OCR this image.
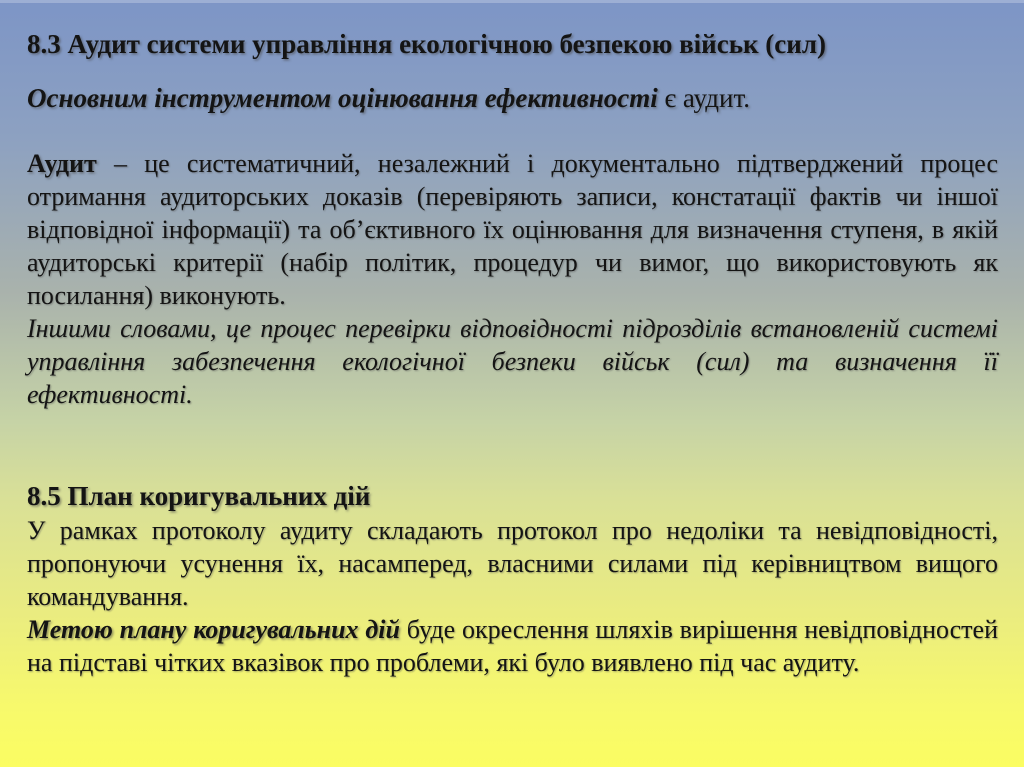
8.3 Аудит системи управління екологічною безпекою військ (сил)
Основним інструментом оцінювання ефективності є аудит.
Аудит – це систематичний, незалежний і документально підтверджений процес отримання аудиторських доказів (перевіряють записи, констатації фактів чи іншої відповідної інформації) та об’єктивного їх оцінювання для визначення ступеня, в якій аудиторські критерії (набір політик, процедур чи вимог, що використовують як посилання) виконують.
Іншими словами, це процес перевірки відповідності підрозділів встановленій системі управління забезпечення екологічної безпеки військ (сил) та визначення її ефективності.
8.5 План коригувальних дій
У рамках протоколу аудиту складають протокол про недоліки та невідповідності, пропонуючи усунення їх, насамперед, власними силами під керівництвом вищого командування.
Метою плану коригувальних дій буде окреслення шляхів вирішення невідповідностей на підставі чітких вказівок про проблеми, які було виявлено під час аудиту.
